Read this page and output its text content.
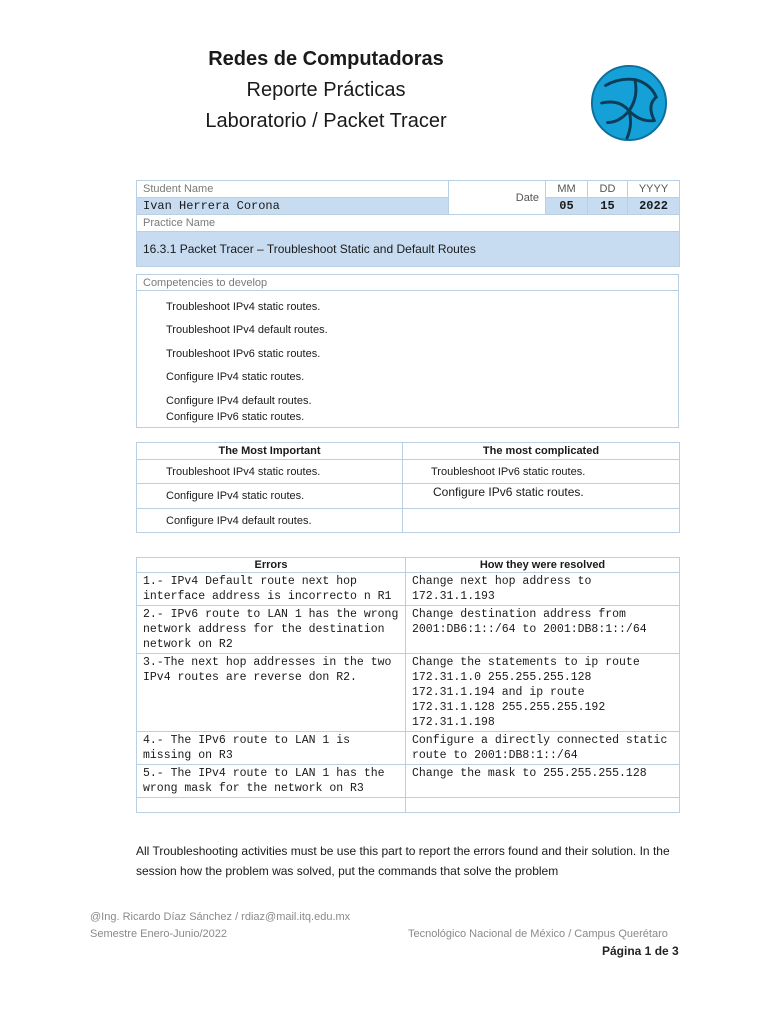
Redes de Computadoras
Reporte Prácticas
Laboratorio / Packet Tracer
Student Name	Date	MM	DD	YYYY
Ivan Herrera Corona		05	15	2022
Practice Name				
16.3.1 Packet Tracer – Troubleshoot Static and Default Routes				
Competencies to develop

Troubleshoot IPv4 static routes.
Troubleshoot IPv4 default routes.
Troubleshoot IPv6 static routes.
Configure IPv4 static routes.
Configure IPv4 default routes.
Configure IPv6 static routes.
The Most Important	The most complicated
Troubleshoot IPv4 static routes.	Troubleshoot IPv6 static routes.
Configure IPv4 static routes.	Configure IPv6 static routes.
Configure IPv4 default routes.	
Errors	How they were resolved
1.- IPv4 Default route next hop interface address is incorrecto n R1	Change next hop address to 172.31.1.193
2.- IPv6 route to LAN 1 has the wrong network address for the destination network on R2	Change destination address from 2001:DB6:1::/64 to 2001:DB8:1::/64
3.-The next hop addresses in the two IPv4 routes are reverse don R2.	Change the statements to ip route 172.31.1.0 255.255.255.128 172.31.1.194 and ip route 172.31.1.128 255.255.255.192 172.31.1.198
4.- The IPv6 route to LAN 1 is missing on R3	Configure a directly connected static route to 2001:DB8:1::/64
5.- The IPv4 route to LAN 1 has the wrong mask for the network on R3	Change the mask to 255.255.255.128

All Troubleshooting activities must be use this part to report the errors found and their solution. In the session how the problem was solved, put the commands that solve the problem
@Ing. Ricardo Díaz Sánchez / rdiaz@mail.itq.edu.mx
Semestre Enero-Junio/2022	Tecnológico Nacional de México / Campus Querétaro
Página 1 de 3
